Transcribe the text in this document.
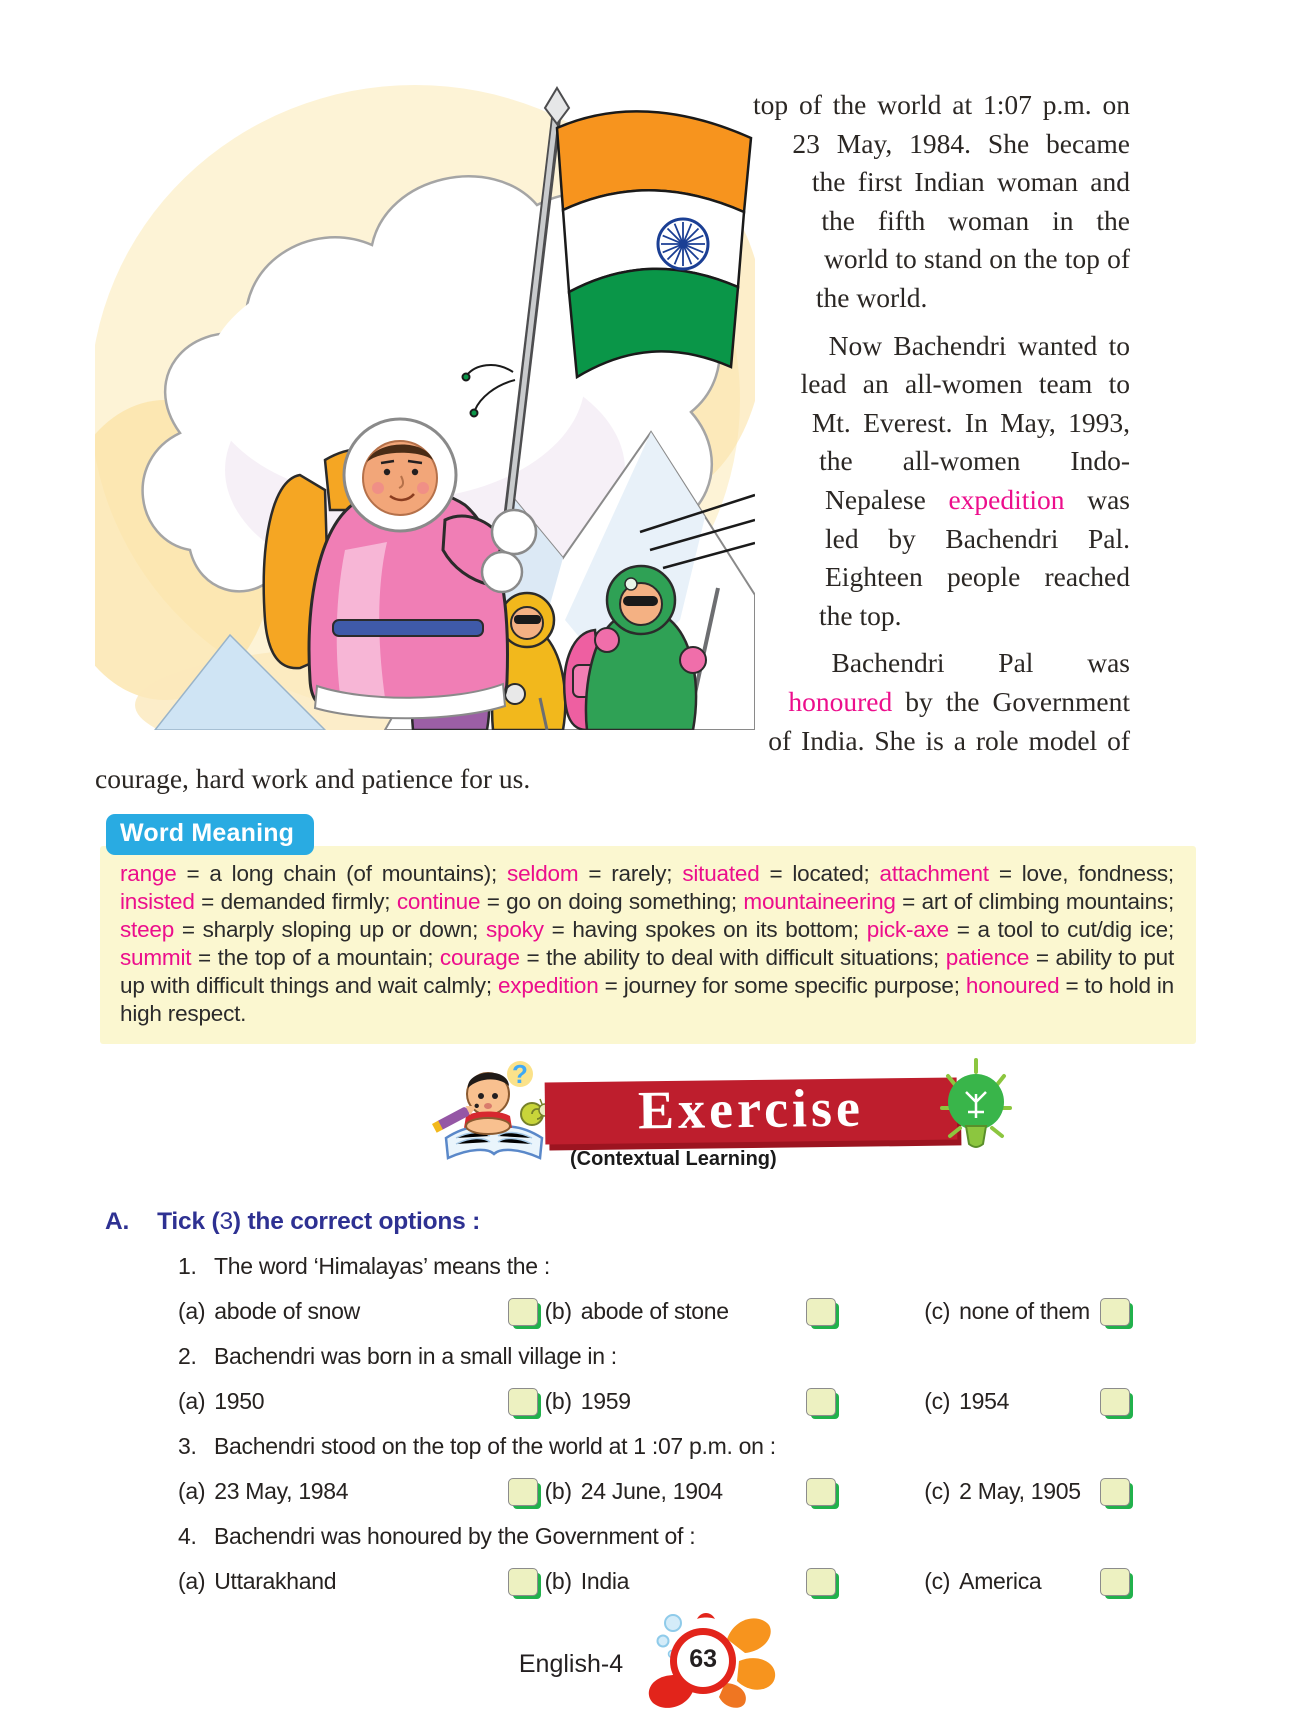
top of the world at 1:07 p.m. on 23 May, 1984. She became the first Indian woman and the fifth woman in the world to stand on the top of the world.

Now Bachendri wanted to lead an all-women team to Mt. Everest. In May, 1993, the all-women Indo-Nepalese expedition was led by Bachendri Pal. Eighteen people reached the top.

Bachendri Pal was honoured by the Government of India. She is a role model of courage, hard work and patience for us.

Word Meaning
range = a long chain (of mountains); seldom = rarely; situated = located; attachment = love, fondness; insisted = demanded firmly; continue = go on doing something; mountaineering = art of climbing mountains; steep = sharply sloping up or down; spoky = having spokes on its bottom; pick-axe = a tool to cut/dig ice; summit = the top of a mountain; courage = the ability to deal with difficult situations; patience = ability to put up with difficult things and wait calmly; expedition = journey for some specific purpose; honoured = to hold in high respect.
?
Exercise
(Contextual Learning)
A. Tick (3) the correct options :
1. The word ‘Himalayas’ means the :
(a) abode of snow	(b) abode of stone	(c) none of them
2. Bachendri was born in a small village in :
(a) 1950	(b) 1959	(c) 1954
3. Bachendri stood on the top of the world at 1 :07 p.m. on :
(a) 23 May, 1984	(b) 24 June, 1904	(c) 2 May, 1905
4. Bachendri was honoured by the Government of :
(a) Uttarakhand	(b) India	(c) America
English-4	63
